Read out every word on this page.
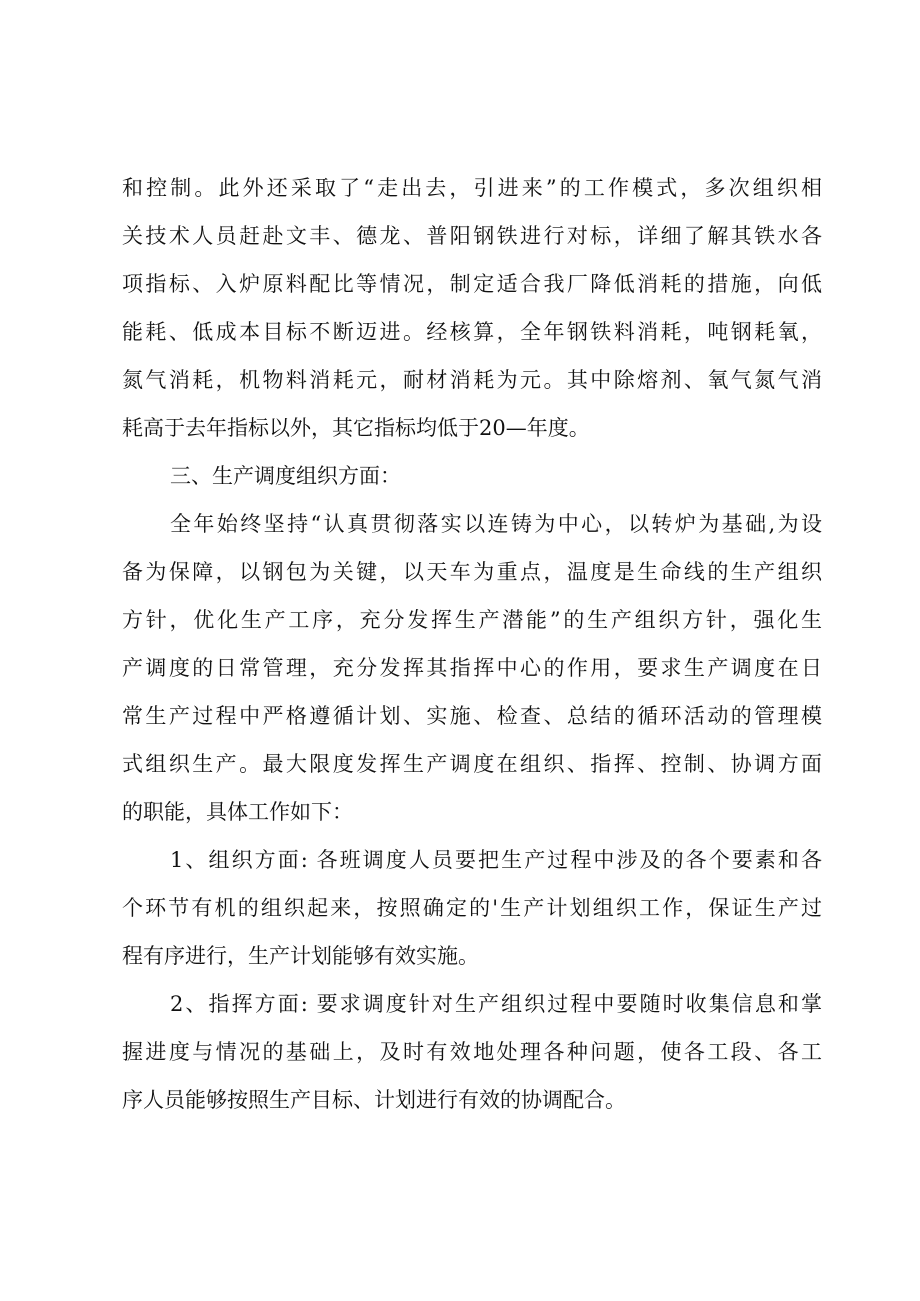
和控制。此外还采取了“走出去，引进来”的工作模式，多次组织相
关技术人员赶赴文丰、德龙、普阳钢铁进行对标，详细了解其铁水各
项指标、入炉原料配比等情况，制定适合我厂降低消耗的措施，向低
能耗、低成本目标不断迈进。经核算，全年钢铁料消耗，吨钢耗氧，
氮气消耗，机物料消耗元，耐材消耗为元。其中除熔剂、氧气氮气消
耗高于去年指标以外，其它指标均低于20—年度。
三、生产调度组织方面：
全年始终坚持“认真贯彻落实以连铸为中心，以转炉为基础,为设
备为保障，以钢包为关键，以天车为重点，温度是生命线的生产组织
方针，优化生产工序，充分发挥生产潜能”的生产组织方针，强化生
产调度的日常管理，充分发挥其指挥中心的作用，要求生产调度在日
常生产过程中严格遵循计划、实施、检查、总结的循环活动的管理模
式组织生产。最大限度发挥生产调度在组织、指挥、控制、协调方面
的职能，具体工作如下：
1、组织方面: 各班调度人员要把生产过程中涉及的各个要素和各
个环节有机的组织起来，按照确定的'生产计划组织工作，保证生产过
程有序进行，生产计划能够有效实施。
2、指挥方面: 要求调度针对生产组织过程中要随时收集信息和掌
握进度与情况的基础上，及时有效地处理各种问题，使各工段、各工
序人员能够按照生产目标、计划进行有效的协调配合。
